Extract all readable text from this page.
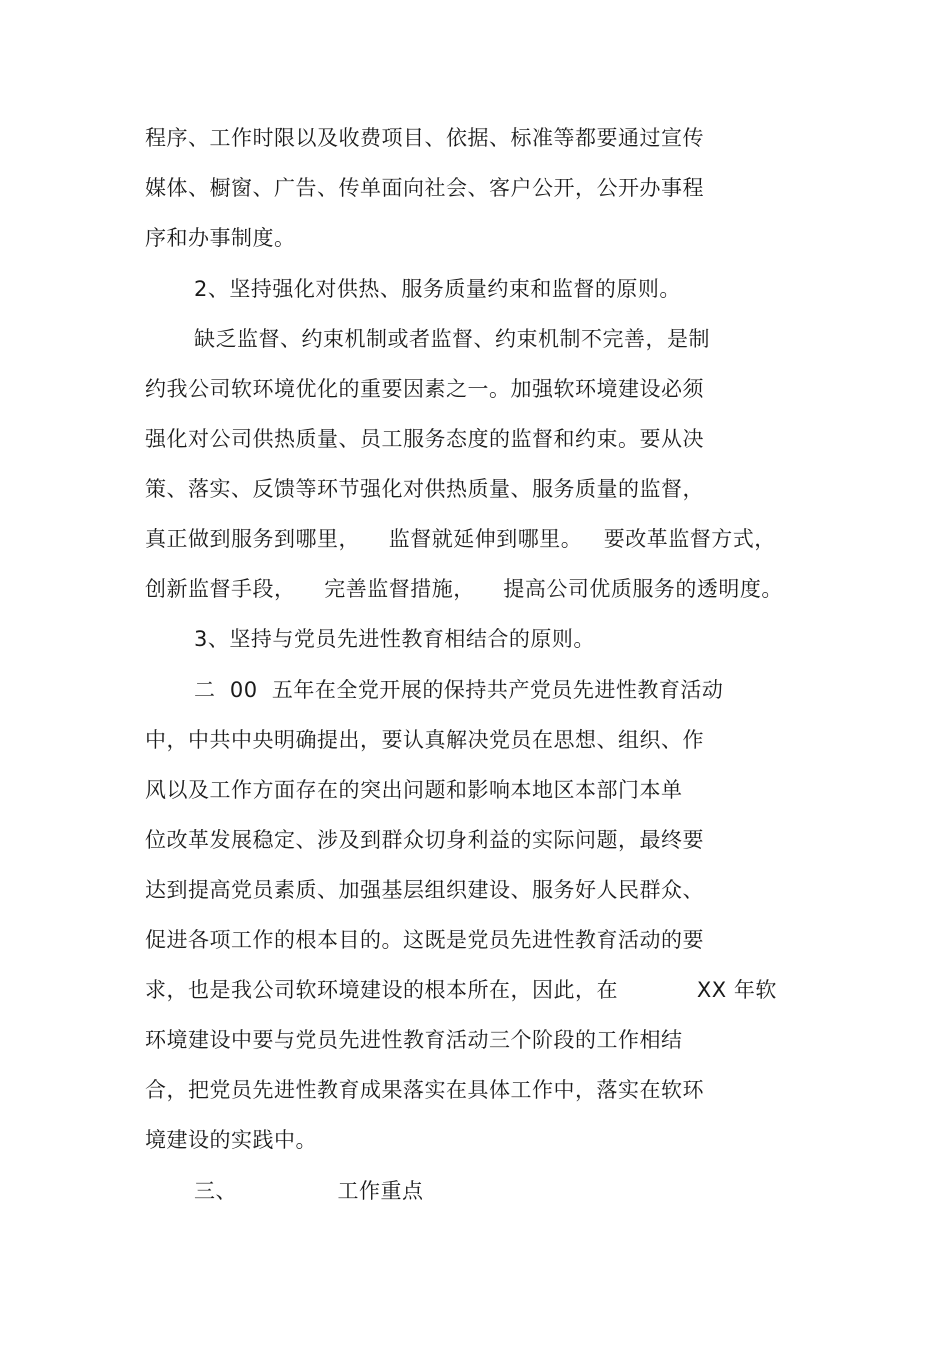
程序、工作时限以及收费项目、依据、标准等都要通过宣传
媒体、橱窗、广告、传单面向社会、客户公开，公开办事程
序和办事制度。
2、坚持强化对供热、服务质量约束和监督的原则。
缺乏监督、约束机制或者监督、约束机制不完善，是制
约我公司软环境优化的重要因素之一。加强软环境建设必须
强化对公司供热质量、员工服务态度的监督和约束。要从决
策、落实、反馈等环节强化对供热质量、服务质量的监督，
真正做到服务到哪里，    监督就延伸到哪里。   要改革监督方式，
创新监督手段，    完善监督措施，    提高公司优质服务的透明度。
3、坚持与党员先进性教育相结合的原则。
二  00  五年在全党开展的保持共产党员先进性教育活动
中，中共中央明确提出，要认真解决党员在思想、组织、作
风以及工作方面存在的突出问题和影响本地区本部门本单
位改革发展稳定、涉及到群众切身利益的实际问题，最终要
达到提高党员素质、加强基层组织建设、服务好人民群众、
促进各项工作的根本目的。这既是党员先进性教育活动的要
求，也是我公司软环境建设的根本所在，因此，在           XX 年软
环境建设中要与党员先进性教育活动三个阶段的工作相结
合，把党员先进性教育成果落实在具体工作中，落实在软环
境建设的实践中。
三、              工作重点
